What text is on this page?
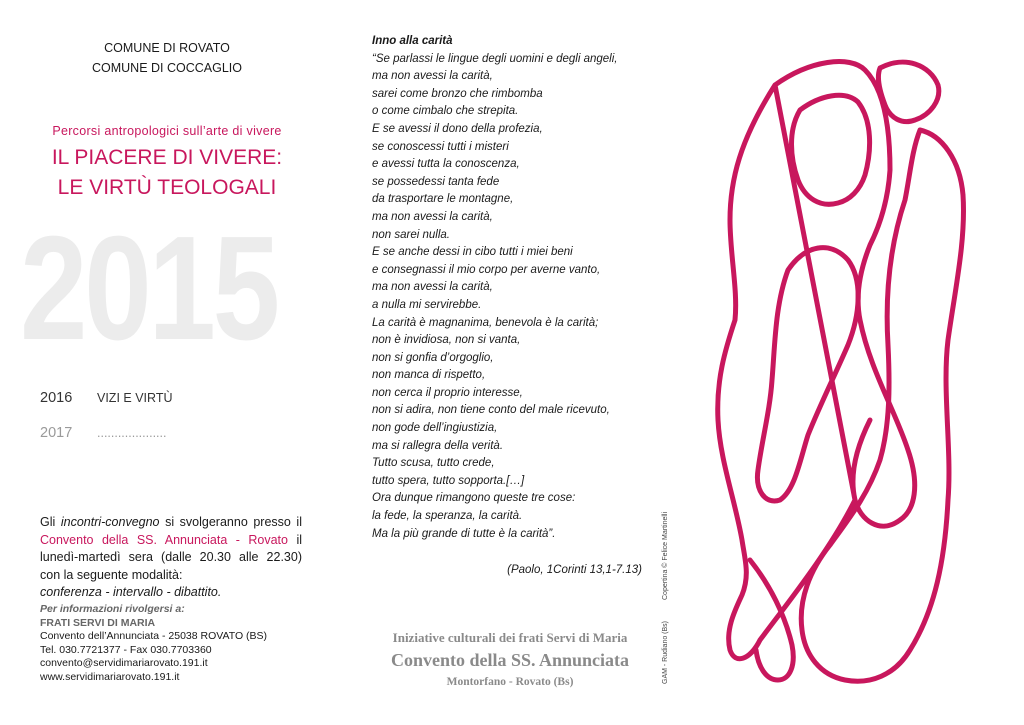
COMUNE DI ROVATO
COMUNE DI COCCAGLIO
Percorsi antropologici sull’arte di vivere
IL PIACERE DI VIVERE:
LE VIRTÙ TEOLOGALI
2015
2016 VIZI E VIRTÙ
2017 ....................
Gli incontri-convegno si svolgeranno presso il Convento della SS. Annunciata - Rovato il lunedì-martedì sera (dalle 20.30 alle 22.30) con la seguente modalità:
conferenza - intervallo - dibattito.
Per informazioni rivolgersi a:
FRATI SERVI DI MARIA
Convento dell’Annunciata - 25038 ROVATO (BS)
Tel. 030.7721377 - Fax 030.7703360
convento@servidimariarovato.191.it
www.servidimariarovato.191.it
Inno alla carità
“Se parlassi le lingue degli uomini e degli angeli,
ma non avessi la carità,
sarei come bronzo che rimbomba
o come cimbalo che strepita.
E se avessi il dono della profezia,
se conoscessi tutti i misteri
e avessi tutta la conoscenza,
se possedessi tanta fede
da trasportare le montagne,
ma non avessi la carità,
non sarei nulla.
E se anche dessi in cibo tutti i miei beni
e consegnassi il mio corpo per averne vanto,
ma non avessi la carità,
a nulla mi servirebbe.
La carità è magnanima, benevola è la carità;
non è invidiosa, non si vanta,
non si gonfia d’orgoglio,
non manca di rispetto,
non cerca il proprio interesse,
non si adira, non tiene conto del male ricevuto,
non gode dell’ingiustizia,
ma si rallegra della verità.
Tutto scusa, tutto crede,
tutto spera, tutto sopporta.[…]
Ora dunque rimangono queste tre cose:
la fede, la speranza, la carità.
Ma la più grande di tutte è la carità”.
(Paolo, 1Corinti 13,1-7.13)	Copertina © Felice Martinelli
GAM - Rudiano (Bs)
Iniziative culturali dei frati Servi di Maria
Convento della SS. Annunciata
Montorfano - Rovato (Bs)
